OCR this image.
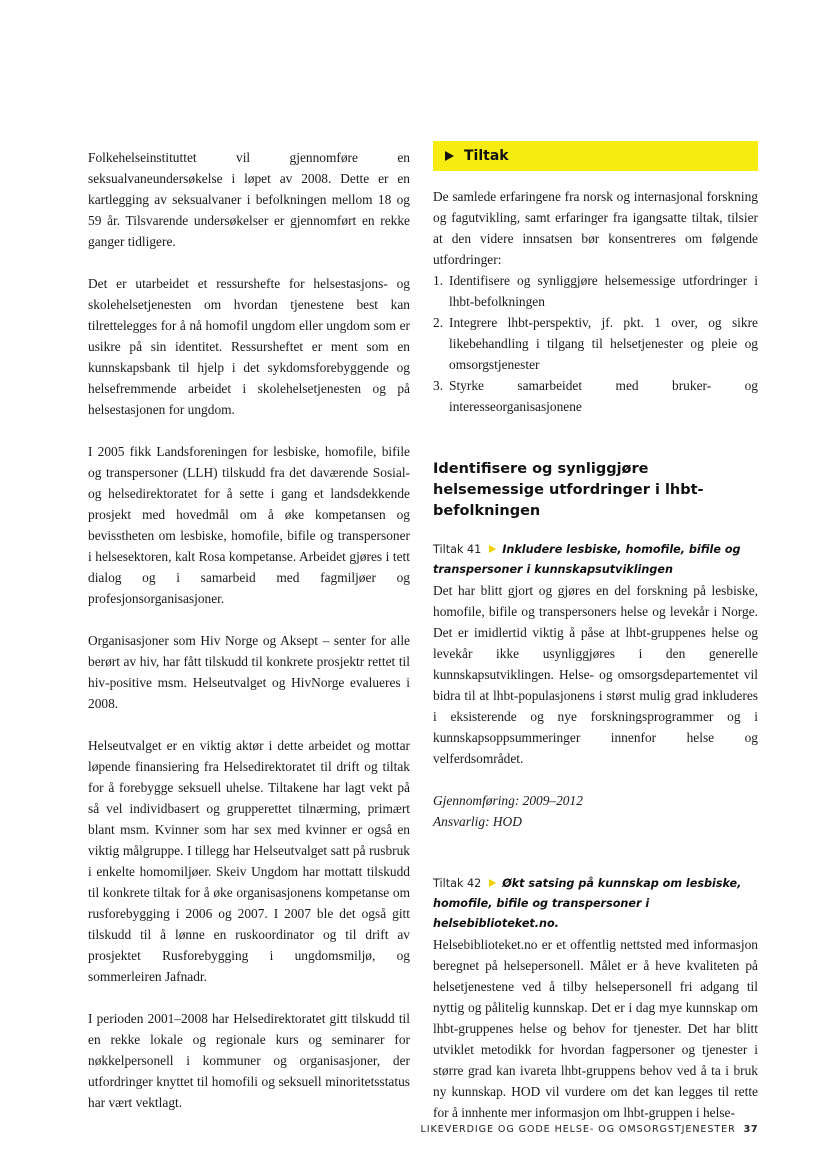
Folkehelseinstituttet vil gjennomføre en seksualvaneundersøkelse i løpet av 2008. Dette er en kartlegging av seksualvaner i befolkningen mellom 18 og 59 år. Tilsvarende undersøkelser er gjennomført en rekke ganger tidligere.

Det er utarbeidet et ressurshefte for helsestasjons- og skolehelsetjenesten om hvordan tjenestene best kan tilrettelegges for å nå homofil ungdom eller ungdom som er usikre på sin identitet. Ressursheftet er ment som en kunnskapsbank til hjelp i det sykdomsforebyggende og helsefremmende arbeidet i skolehelsetjenesten og på helsestasjonen for ungdom.

I 2005 fikk Landsforeningen for lesbiske, homofile, bifile og transpersoner (LLH) tilskudd fra det daværende Sosial- og helsedirektoratet for å sette i gang et landsdekkende prosjekt med hovedmål om å øke kompetansen og bevisstheten om lesbiske, homofile, bifile og transpersoner i helsesektoren, kalt Rosa kompetanse. Arbeidet gjøres i tett dialog og i samarbeid med fagmiljøer og profesjonsorganisasjoner.

Organisasjoner som Hiv Norge og Aksept – senter for alle berørt av hiv, har fått tilskudd til konkrete prosjektr rettet til hiv-positive msm. Helseutvalget og HivNorge evalueres i 2008.

Helseutvalget er en viktig aktør i dette arbeidet og mottar løpende finansiering fra Helsedirektoratet til drift og tiltak for å forebygge seksuell uhelse. Tiltakene har lagt vekt på så vel individbasert og grupperettet tilnærming, primært blant msm. Kvinner som har sex med kvinner er også en viktig målgruppe. I tillegg har Helseutvalget satt på rusbruk i enkelte homomiljøer. Skeiv Ungdom har mottatt tilskudd til konkrete tiltak for å øke organisasjonens kompetanse om rusforebygging i 2006 og 2007. I 2007 ble det også gitt tilskudd til å lønne en ruskoordinator og til drift av prosjektet Rusforebygging i ungdomsmiljø, og sommerleiren Jafnadr.

I perioden 2001–2008 har Helsedirektoratet gitt tilskudd til en rekke lokale og regionale kurs og seminarer for nøkkelpersonell i kommuner og organisasjoner, der utfordringer knyttet til homofili og seksuell minoritetsstatus har vært vektlagt.

Tiltak

De samlede erfaringene fra norsk og internasjonal forskning og fagutvikling, samt erfaringer fra igangsatte tiltak, tilsier at den videre innsatsen bør konsentreres om følgende utfordringer:

1. Identifisere og synliggjøre helsemessige utfordringer i lhbt-befolkningen
2. Integrere lhbt-perspektiv, jf. pkt. 1 over, og sikre likebehandling i tilgang til helsetjenester og pleie og omsorgstjenester
3. Styrke samarbeidet med bruker- og interesseorganisasjonene
Identifisere og synliggjøre helsemessige utfordringer i lhbt-befolkningen

Tiltak 41 Inkludere lesbiske, homofile, bifile og transpersoner i kunnskapsutviklingen

Det har blitt gjort og gjøres en del forskning på lesbiske, homofile, bifile og transpersoners helse og levekår i Norge. Det er imidlertid viktig å påse at lhbt-gruppenes helse og levekår ikke usynliggjøres i den generelle kunnskapsutviklingen. Helse- og omsorgsdepartementet vil bidra til at lhbt-populasjonens i størst mulig grad inkluderes i eksisterende og nye forskningsprogrammer og i kunnskapsoppsummeringer innenfor helse og velferdsområdet.

Gjennomføring: 2009–2012
Ansvarlig: HOD

Tiltak 42 Økt satsing på kunnskap om lesbiske, homofile, bifile og transpersoner i helsebiblioteket.no.

Helsebiblioteket.no er et offentlig nettsted med informasjon beregnet på helsepersonell. Målet er å heve kvaliteten på helsetjenestene ved å tilby helsepersonell fri adgang til nyttig og pålitelig kunnskap. Det er i dag mye kunnskap om lhbt-gruppenes helse og behov for tjenester. Det har blitt utviklet metodikk for hvordan fagpersoner og tjenester i større grad kan ivareta lhbt-gruppens behov ved å ta i bruk ny kunnskap. HOD vil vurdere om det kan legges til rette for å innhente mer informasjon om lhbt-gruppen i helse-

LIKEVERDIGE OG GODE HELSE- OG OMSORGSTJENESTER 37
